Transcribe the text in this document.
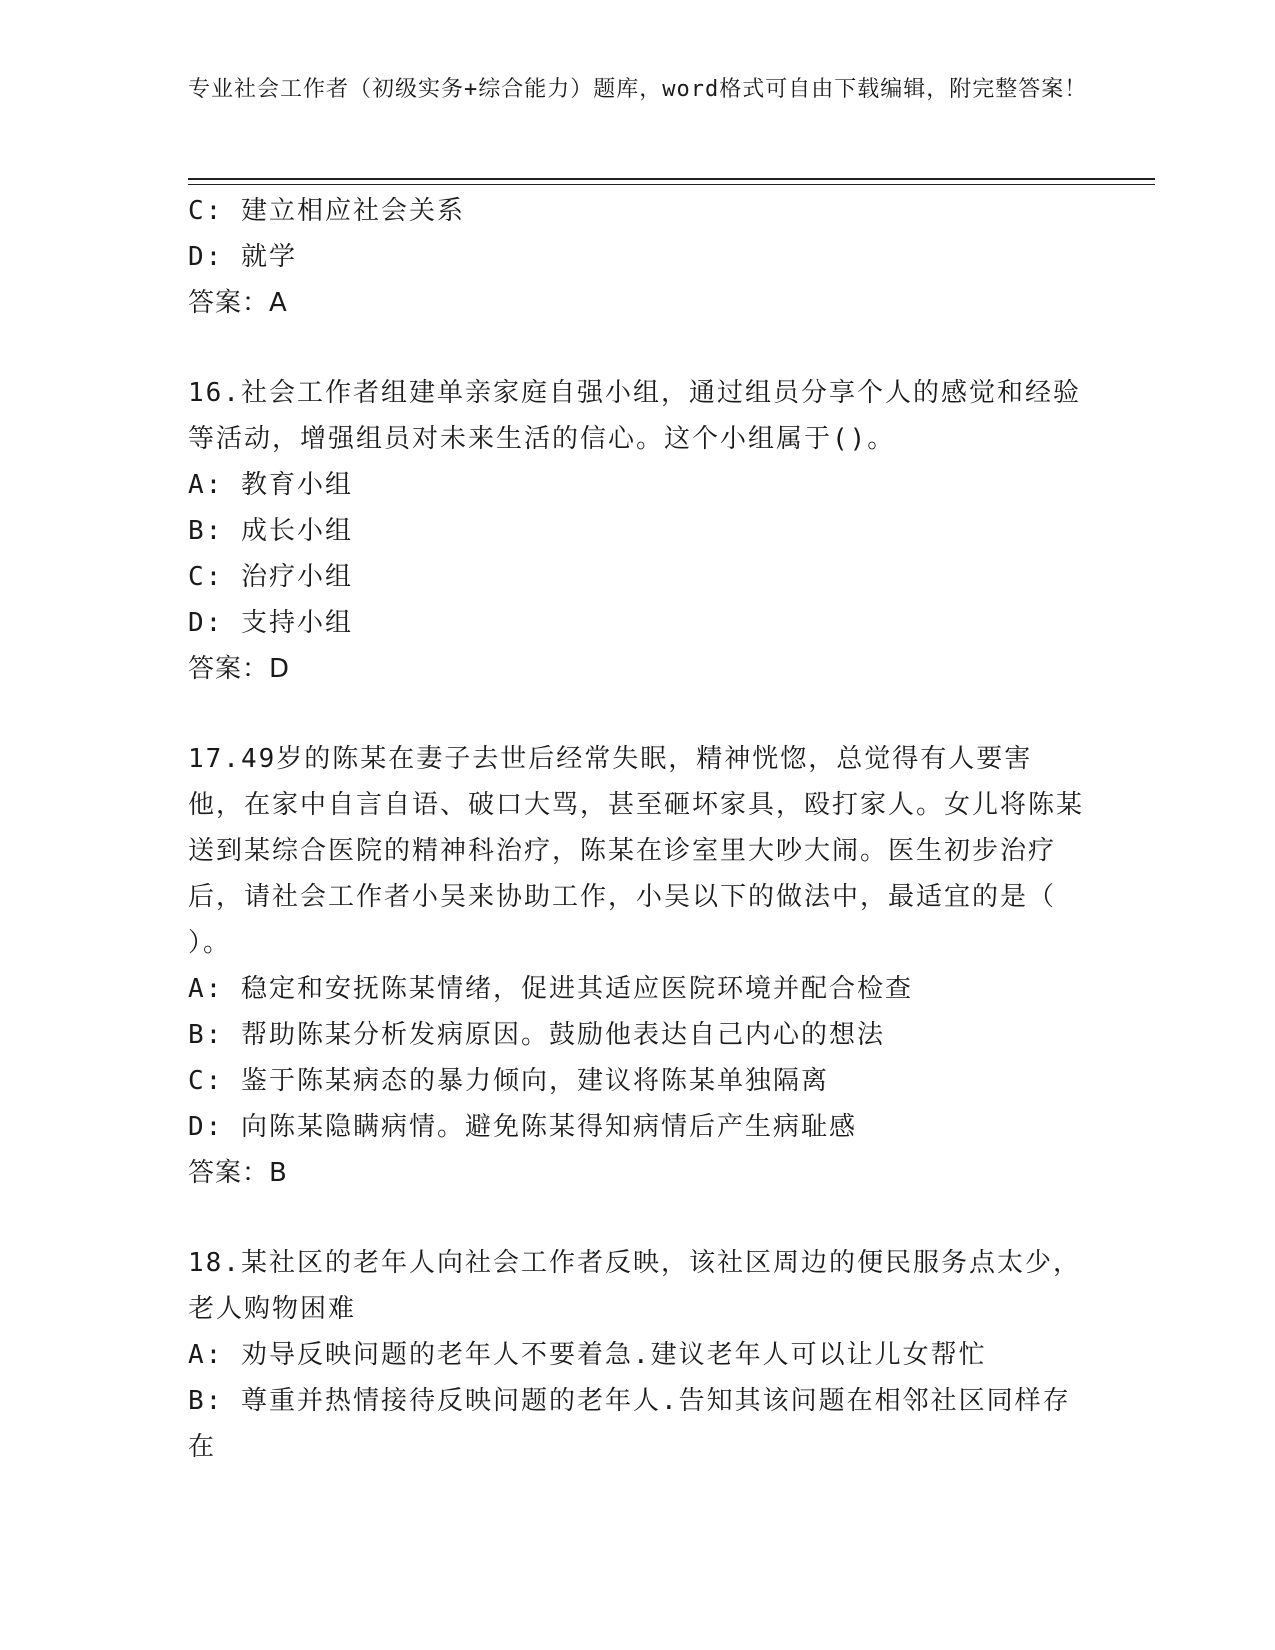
专业社会工作者（初级实务+综合能力）题库，word格式可自由下载编辑，附完整答案！
C: 建立相应社会关系
D: 就学
答案：A
16.社会工作者组建单亲家庭自强小组，通过组员分享个人的感觉和经验等活动，增强组员对未来生活的信心。这个小组属于()。
A: 教育小组
B: 成长小组
C: 治疗小组
D: 支持小组
答案：D
17.49岁的陈某在妻子去世后经常失眠，精神恍惚，总觉得有人要害他，在家中自言自语、破口大骂，甚至砸坏家具，殴打家人。女儿将陈某送到某综合医院的精神科治疗，陈某在诊室里大吵大闹。医生初步治疗后，请社会工作者小吴来协助工作，小吴以下的做法中，最适宜的是（ ）。
A: 稳定和安抚陈某情绪，促进其适应医院环境并配合检查
B: 帮助陈某分析发病原因。鼓励他表达自己内心的想法
C: 鉴于陈某病态的暴力倾向，建议将陈某单独隔离
D: 向陈某隐瞒病情。避免陈某得知病情后产生病耻感
答案：B
18.某社区的老年人向社会工作者反映，该社区周边的便民服务点太少，老人购物困难
A: 劝导反映问题的老年人不要着急.建议老年人可以让儿女帮忙
B: 尊重并热情接待反映问题的老年人.告知其该问题在相邻社区同样存在
